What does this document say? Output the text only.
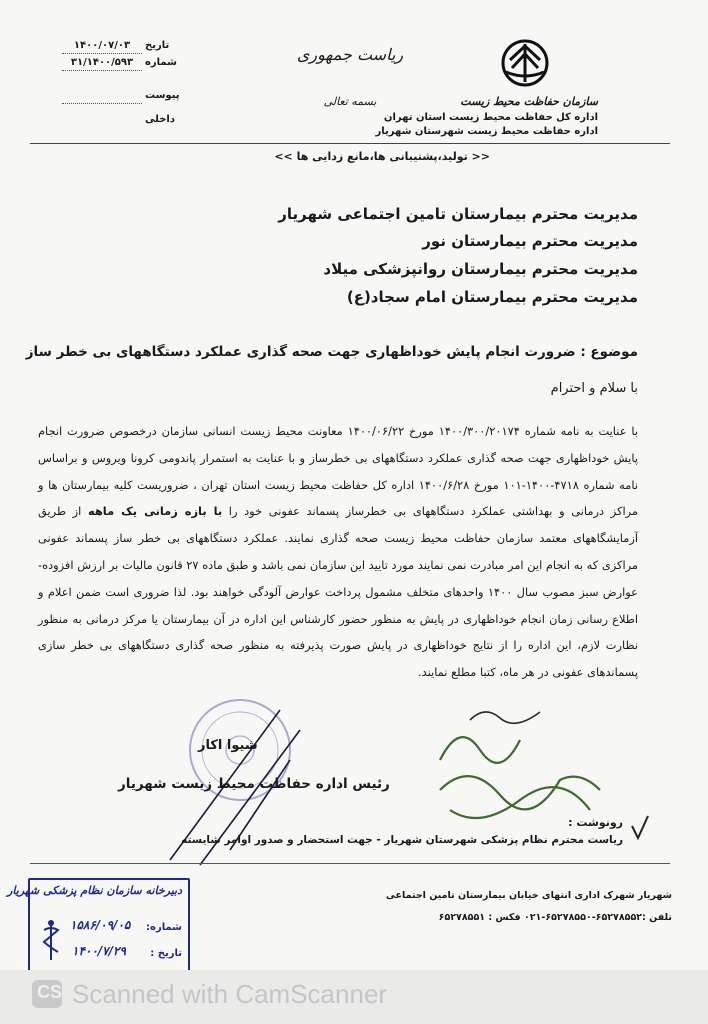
سازمان حفاظت محیط زیست
اداره کل حفاظت محیط زیست استان تهران
اداره حفاظت محیط زیست شهرستان شهریار
ریاست جمهوری
بسمه تعالی
تاریخ
۱۴۰۰/۰۷/۰۳
شماره
۳۱/۱۴۰۰/۵۹۳
پیوست
داخلی
<< تولید،پشتیبانی ها،مانع زدایی ها >>
مدیریت محترم بیمارستان تامین اجتماعی شهریار
مدیریت محترم بیمارستان نور
مدیریت محترم بیمارستان روانپزشکی میلاد
مدیریت محترم بیمارستان امام سجاد(ع)
موضوع : ضرورت انجام پایش خوداظهاری جهت صحه گذاری عملکرد دستگاههای بی خطر ساز
با سلام و احترام
با عنایت به نامه شماره ۱۴۰۰/۳۰۰/۲۰۱۷۴ مورخ ۱۴۰۰/۰۶/۲۲ معاونت محیط زیست انسانی سازمان درخصوص ضرورت انجام پایش خوداظهاری جهت صحه گذاری عملکرد دستگاههای بی خطرساز و با عنایت به استمرار پاندومی کرونا ویروس و براساس نامه شماره ۴۷۱۸-۱۴۰۰-۱۰۱ مورخ ۱۴۰۰/۶/۲۸ اداره کل حفاظت محیط زیست استان تهران ، ضروریست کلیه بیمارستان ها و مراکز درمانی و بهداشتی عملکرد دستگاههای بی خطرساز پسماند عفونی خود را با بازه زمانی یک ماهه از طریق آزمایشگاههای معتمد سازمان حفاظت محیط زیست صحه گذاری نمایند. عملکرد دستگاههای بی خطر ساز پسماند عفونی مراکزی که به انجام این امر مبادرت نمی نمایند مورد تایید این سازمان نمی باشد و طبق ماده ۲۷ قانون مالیات بر ارزش افزوده- عوارض سبز مصوب سال ۱۴۰۰ واحدهای متخلف مشمول پرداخت عوارض آلودگی خواهند بود. لذا ضروری است ضمن اعلام و اطلاع رسانی زمان انجام خوداظهاری در پایش به منظور حضور کارشناس این اداره در آن بیمارستان یا مرکز درمانی به منظور نظارت لازم، این اداره را از نتایج خوداظهاری در پایش صورت پذیرفته به منظور صحه گذاری دستگاههای بی خطر سازی پسماندهای عفونی در هر ماه، کتبا مطلع نمایند.
شیوا اکار
رئیس اداره حفاظت محیط زیست شهریار
رونوشت :
ریاست محترم نظام پزشکی شهرستان شهریار - جهت استحضار و صدور اوامر شایسته
شهریار شهرک اداری انتهای خیابان بیمارستان تامین اجتماعی
تلفن :۶۵۲۷۸۵۵۲-۶۵۲۷۸۵۵۰-۰۲۱ فکس : ۶۵۲۷۸۵۵۱
دبیرخانه سازمان نظام پزشکی شهریار
شماره:
۱۵۸۶/۰۹/۰۵
تاریخ :
۱۴۰۰/۷/۲۹
CS Scanned with CamScanner
